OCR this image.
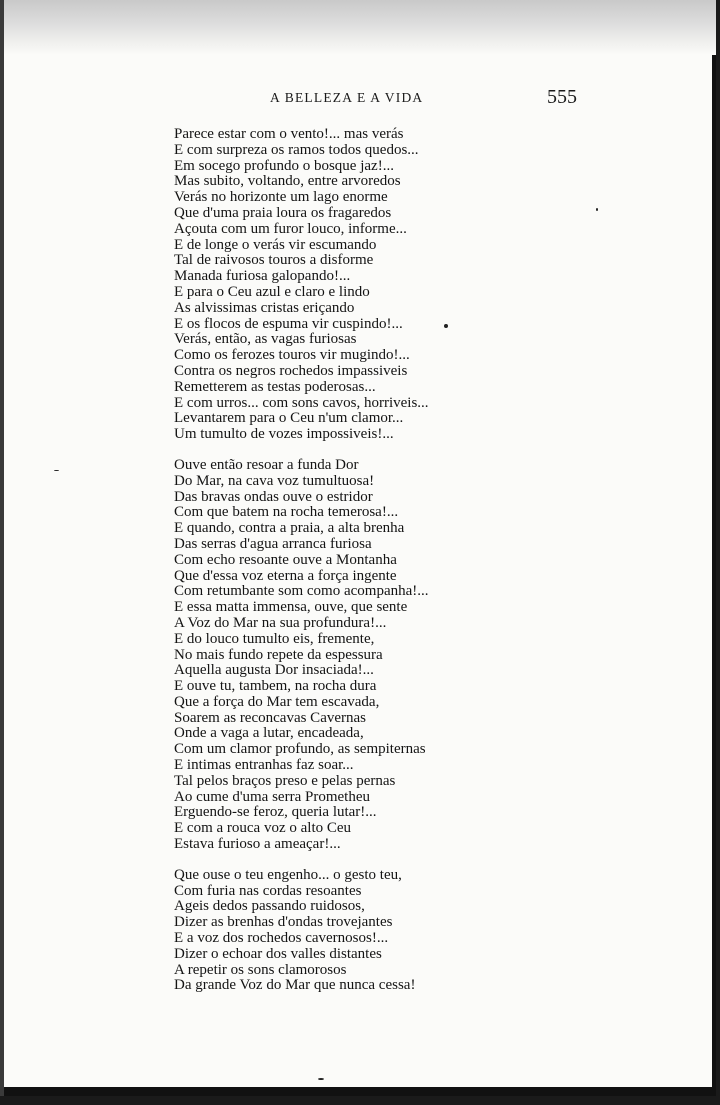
A BELLEZA E A VIDA	555
Parece estar com o vento!... mas verás
E com surpreza os ramos todos quedos...
Em socego profundo o bosque jaz!...
Mas subito, voltando, entre arvoredos
Verás no horizonte um lago enorme
Que d'uma praia loura os fragaredos
Açouta com um furor louco, informe...
E de longe o verás vir escumando
Tal de raivosos touros a disforme
Manada furiosa galopando!...
E para o Ceu azul e claro e lindo
As alvissimas cristas eriçando
E os flocos de espuma vir cuspindo!...
Verás, então, as vagas furiosas
Como os ferozes touros vir mugindo!...
Contra os negros rochedos impassiveis
Remetterem as testas poderosas...
E com urros... com sons cavos, horriveis...
Levantarem para o Ceu n'um clamor...
Um tumulto de vozes impossiveis!...
Ouve então resoar a funda Dor
Do Mar, na cava voz tumultuosa!
Das bravas ondas ouve o estridor
Com que batem na rocha temerosa!...
E quando, contra a praia, a alta brenha
Das serras d'agua arranca furiosa
Com echo resoante ouve a Montanha
Que d'essa voz eterna a força ingente
Com retumbante som como acompanha!...
E essa matta immensa, ouve, que sente
A Voz do Mar na sua profundura!...
E do louco tumulto eis, fremente,
No mais fundo repete da espessura
Aquella augusta Dor insaciada!...
E ouve tu, tambem, na rocha dura
Que a força do Mar tem escavada,
Soarem as reconcavas Cavernas
Onde a vaga a lutar, encadeada,
Com um clamor profundo, as sempiternas
E intimas entranhas faz soar...
Tal pelos braços preso e pelas pernas
Ao cume d'uma serra Prometheu
Erguendo-se feroz, queria lutar!...
E com a rouca voz o alto Ceu
Estava furioso a ameaçar!...
Que ouse o teu engenho... o gesto teu,
Com furia nas cordas resoantes
Ageis dedos passando ruidosos,
Dizer as brenhas d'ondas trovejantes
E a voz dos rochedos cavernosos!...
Dizer o echoar dos valles distantes
A repetir os sons clamorosos
Da grande Voz do Mar que nunca cessa!
